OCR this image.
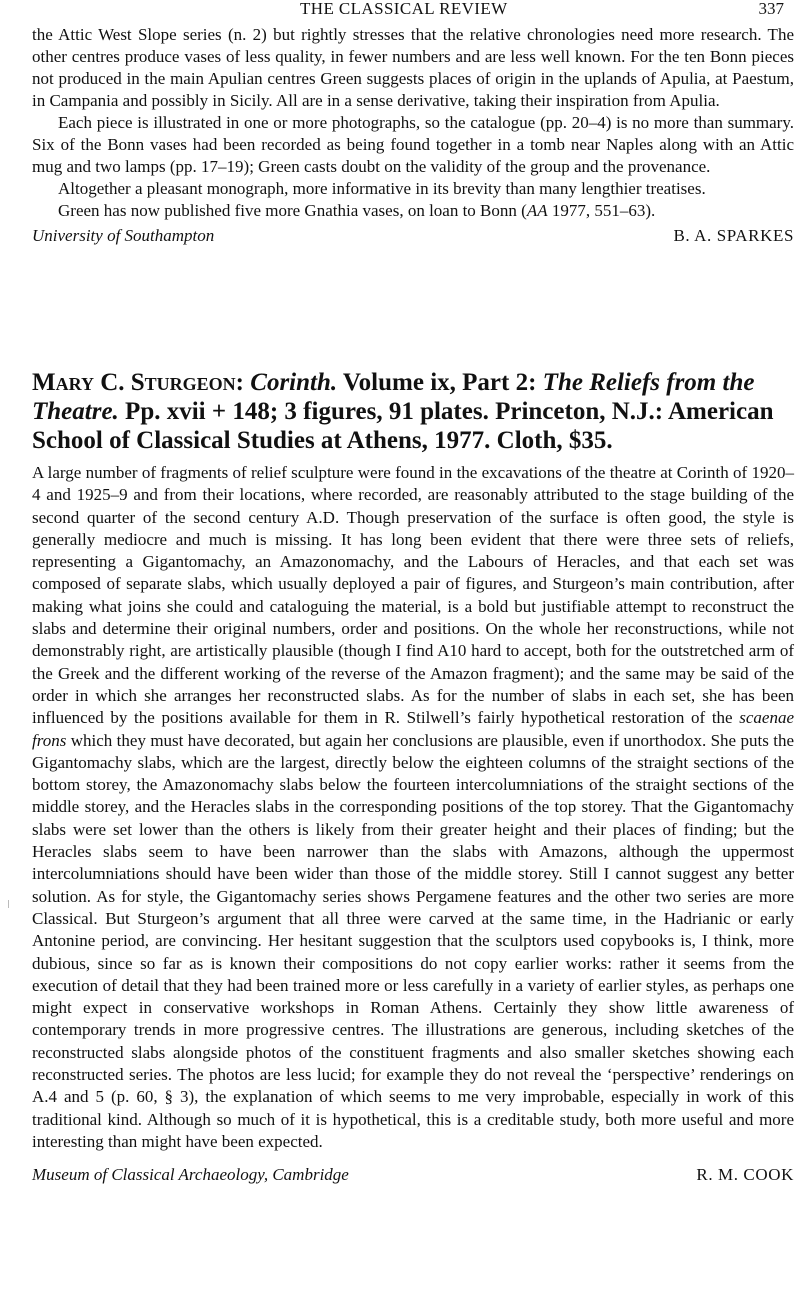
THE CLASSICAL REVIEW	337

the Attic West Slope series (n. 2) but rightly stresses that the relative chronologies need more research. The other centres produce vases of less quality, in fewer numbers and are less well known. For the ten Bonn pieces not produced in the main Apulian centres Green suggests places of origin in the uplands of Apulia, at Paestum, in Campania and possibly in Sicily. All are in a sense derivative, taking their inspiration from Apulia.

Each piece is illustrated in one or more photographs, so the catalogue (pp. 20–4) is no more than summary. Six of the Bonn vases had been recorded as being found together in a tomb near Naples along with an Attic mug and two lamps (pp. 17–19); Green casts doubt on the validity of the group and the provenance.

Altogether a pleasant monograph, more informative in its brevity than many lengthier treatises.

Green has now published five more Gnathia vases, on loan to Bonn (AA 1977, 551–63).

University of Southampton	B. A. SPARKES
Mary C. Sturgeon: Corinth. Volume ix, Part 2: The Reliefs from the Theatre. Pp. xvii + 148; 3 figures, 91 plates. Princeton, N.J.: American School of Classical Studies at Athens, 1977. Cloth, $35.

A large number of fragments of relief sculpture were found in the excavations of the theatre at Corinth of 1920–4 and 1925–9 and from their locations, where recorded, are reasonably attributed to the stage building of the second quarter of the second century A.D. Though preservation of the surface is often good, the style is generally mediocre and much is missing. It has long been evident that there were three sets of reliefs, representing a Gigantomachy, an Amazonomachy, and the Labours of Heracles, and that each set was composed of separate slabs, which usually deployed a pair of figures, and Sturgeon’s main contribution, after making what joins she could and cataloguing the material, is a bold but justifiable attempt to reconstruct the slabs and determine their original numbers, order and positions. On the whole her reconstructions, while not demonstrably right, are artistically plausible (though I find A10 hard to accept, both for the outstretched arm of the Greek and the different working of the reverse of the Amazon fragment); and the same may be said of the order in which she arranges her reconstructed slabs. As for the number of slabs in each set, she has been influenced by the positions available for them in R. Stilwell’s fairly hypothetical restoration of the scaenae frons which they must have decorated, but again her conclusions are plausible, even if unorthodox. She puts the Gigantomachy slabs, which are the largest, directly below the eighteen columns of the straight sections of the bottom storey, the Amazonomachy slabs below the fourteen intercolumniations of the straight sections of the middle storey, and the Heracles slabs in the corresponding positions of the top storey. That the Gigantomachy slabs were set lower than the others is likely from their greater height and their places of finding; but the Heracles slabs seem to have been narrower than the slabs with Amazons, although the uppermost intercolumniations should have been wider than those of the middle storey. Still I cannot suggest any better solution. As for style, the Gigantomachy series shows Pergamene features and the other two series are more Classical. But Sturgeon’s argument that all three were carved at the same time, in the Hadrianic or early Antonine period, are convincing. Her hesitant suggestion that the sculptors used copybooks is, I think, more dubious, since so far as is known their compositions do not copy earlier works: rather it seems from the execution of detail that they had been trained more or less carefully in a variety of earlier styles, as perhaps one might expect in conservative workshops in Roman Athens. Certainly they show little awareness of contemporary trends in more progressive centres. The illustrations are generous, including sketches of the reconstructed slabs alongside photos of the constituent fragments and also smaller sketches showing each reconstructed series. The photos are less lucid; for example they do not reveal the ‘perspective’ renderings on A.4 and 5 (p. 60, § 3), the explanation of which seems to me very improbable, especially in work of this traditional kind. Although so much of it is hypothetical, this is a creditable study, both more useful and more interesting than might have been expected.

Museum of Classical Archaeology, Cambridge	R. M. COOK
